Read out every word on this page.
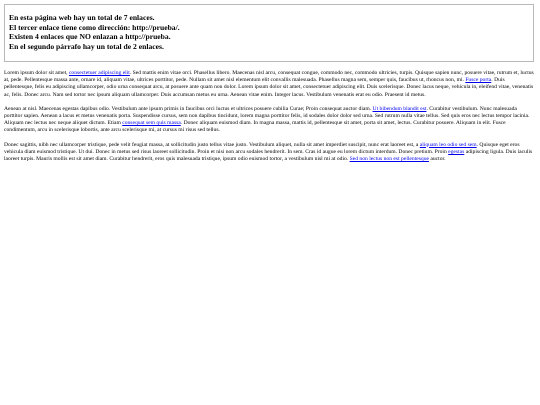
En esta página web hay un total de 7 enlaces.

El tercer enlace tiene como dirección: http://prueba/.

Existen 4 enlaces que NO enlazan a http://prueba.

En el segundo párrafo hay un total de 2 enlaces.

Lorem ipsum dolor sit amet, consectetuer adipiscing elit. Sed mattis enim vitae orci. Phasellus libero. Maecenas nisl arcu, consequat congue, commodo nec, commodo ultricies, turpis. Quisque sapien nunc, posuere vitae, rutrum et, luctus at, pede. Pellentesque massa ante, ornare id, aliquam vitae, ultrices porttitor, pede. Nullam sit amet nisl elementum elit convallis malesuada. Phasellus magna sem, semper quis, faucibus ut, rhoncus non, mi. Fusce porta. Duis pellentesque, felis eu adipiscing ullamcorper, odio urna consequat arcu, at posuere ante quam non dolor. Lorem ipsum dolor sit amet, consectetuer adipiscing elit. Duis scelerisque. Donec lacus neque, vehicula in, eleifend vitae, venenatis ac, felis. Donec arcu. Nam sed tortor nec ipsum aliquam ullamcorper. Duis accumsan metus eu urna. Aenean vitae enim. Integer lacus. Vestibulum venenatis erat eu odio. Praesent id metus.

Aenean at nisl. Maecenas egestas dapibus odio. Vestibulum ante ipsum primis in faucibus orci luctus et ultrices posuere cubilia Curae; Proin consequat auctor diam. Ut bibendum blandit est. Curabitur vestibulum. Nunc malesuada porttitor sapien. Aenean a lacus et metus venenatis porta. Suspendisse cursus, sem non dapibus tincidunt, lorem magna porttitor felis, id sodales dolor dolor sed urna. Sed rutrum nulla vitae tellus. Sed quis eros nec lectus tempor lacinia. Aliquam nec lectus nec neque aliquet dictum. Etiam consequat sem quis massa. Donec aliquam euismod diam. In magna massa, mattis id, pellentesque sit amet, porta sit amet, lectus. Curabitur posuere. Aliquam in elit. Fusce condimentum, arcu in scelerisque lobortis, ante arcu scelerisque mi, at cursus mi risus sed tellus.

Donec sagittis, nibh nec ullamcorper tristique, pede velit feugiat massa, at sollicitudin justo tellus vitae justo. Vestibulum aliquet, nulla sit amet imperdiet suscipit, nunc erat laoreet est, a aliquam leo odio sed sem. Quisque eget eros vehicula diam euismod tristique. Ut dui. Donec in metus sed risus laoreet sollicitudin. Proin et nisi non arcu sodales hendrerit. In sem. Cras id augue eu lorem dictum interdum. Donec pretium. Proin egestas adipiscing ligula. Duis iaculis laoreet turpis. Mauris mollis est sit amet diam. Curabitur hendrerit, eros quis malesuada tristique, ipsum odio euismod tortor, a vestibulum nisl mi at odio. Sed non lectus non est pellentesque auctor.
